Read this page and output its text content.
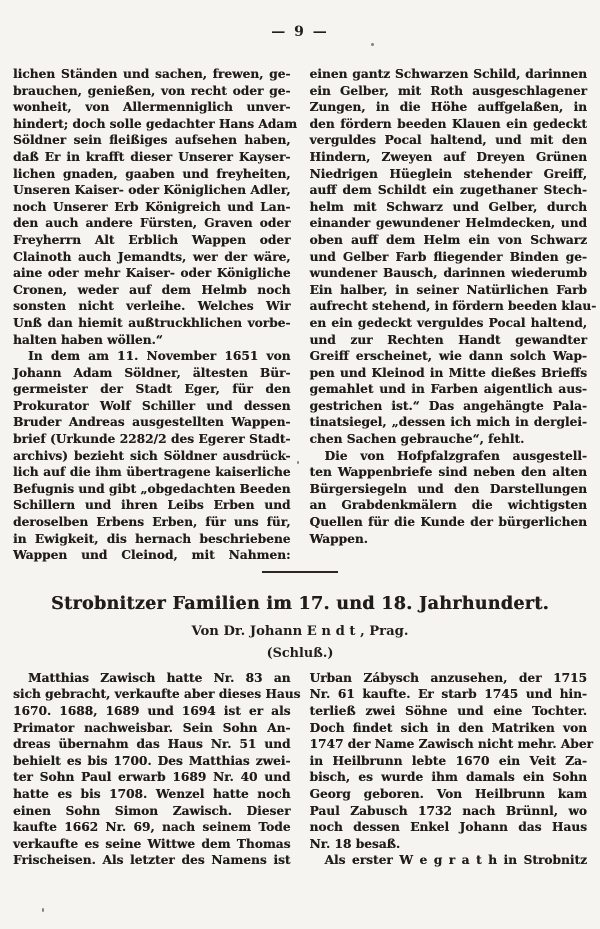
— 9 —
lichen Ständen und sachen, frewen, ge-
brauchen, genießen, von recht oder ge-
wonheit, von Allermenniglich unver-
hindert; doch solle gedachter Hans Adam
Söldner sein fleißiges aufsehen haben,
daß Er in krafft dieser Unserer Kayser-
lichen gnaden, gaaben und freyheiten,
Unseren Kaiser- oder Königlichen Adler,
noch Unserer Erb Königreich und Lan-
den auch andere Fürsten, Graven oder
Freyherrn Alt Erblich Wappen oder
Clainoth auch Jemandts, wer der wäre,
aine oder mehr Kaiser- oder Königliche
Cronen, weder auf dem Helmb noch
sonsten nicht verleihe. Welches Wir
Unß dan hiemit außtruckhlichen vorbe-
halten haben wöllen.“
In dem am 11. November 1651 von
Johann Adam Söldner, ältesten Bür-
germeister der Stadt Eger, für den
Prokurator Wolf Schiller und dessen
Bruder Andreas ausgestellten Wappen-
brief (Urkunde 2282/2 des Egerer Stadt-
archivs) bezieht sich Söldner ausdrück-
lich auf die ihm übertragene kaiserliche
Befugnis und gibt „obgedachten Beeden
Schillern und ihren Leibs Erben und
deroselben Erbens Erben, für uns für,
in Ewigkeit, dis hernach beschriebene
Wappen und Cleinod, mit Nahmen:
einen gantz Schwarzen Schild, darinnen
ein Gelber, mit Roth ausgeschlagener
Zungen, in die Höhe auffgelaßen, in
den fördern beeden Klauen ein gedeckt
verguldes Pocal haltend, und mit den
Hindern, Zweyen auf Dreyen Grünen
Niedrigen Hüeglein stehender Greiff,
auff dem Schildt ein zugethaner Stech-
helm mit Schwarz und Gelber, durch
einander gewundener Helmdecken, und
oben auff dem Helm ein von Schwarz
und Gelber Farb fliegender Binden ge-
wundener Bausch, darinnen wiederumb
Ein halber, in seiner Natürlichen Farb
aufrecht stehend, in fördern beeden klau-
en ein gedeckt verguldes Pocal haltend,
und zur Rechten Handt gewandter
Greiff erscheinet, wie dann solch Wap-
pen und Kleinod in Mitte dießes Brieffs
gemahlet und in Farben aigentlich aus-
gestrichen ist.“ Das angehängte Pala-
tinatsiegel, „dessen ich mich in derglei-
chen Sachen gebrauche“, fehlt.
Die von Hofpfalzgrafen ausgestell-
ten Wappenbriefe sind neben den alten
Bürgersiegeln und den Darstellungen
an Grabdenkmälern die wichtigsten
Quellen für die Kunde der bürgerlichen
Wappen.
Strobnitzer Familien im 17. und 18. Jahrhundert.
Von Dr. Johann E n d t , Prag.
(Schluß.)
Matthias Zawisch hatte Nr. 83 an
sich gebracht, verkaufte aber dieses Haus
1670. 1688, 1689 und 1694 ist er als
Primator nachweisbar. Sein Sohn An-
dreas übernahm das Haus Nr. 51 und
behielt es bis 1700. Des Matthias zwei-
ter Sohn Paul erwarb 1689 Nr. 40 und
hatte es bis 1708. Wenzel hatte noch
einen Sohn Simon Zawisch. Dieser
kaufte 1662 Nr. 69, nach seinem Tode
verkaufte es seine Wittwe dem Thomas
Frischeisen. Als letzter des Namens ist
Urban Zábysch anzusehen, der 1715
Nr. 61 kaufte. Er starb 1745 und hin-
terließ zwei Söhne und eine Tochter.
Doch findet sich in den Matriken von
1747 der Name Zawisch nicht mehr. Aber
in Heilbrunn lebte 1670 ein Veit Za-
bisch, es wurde ihm damals ein Sohn
Georg geboren. Von Heilbrunn kam
Paul Zabusch 1732 nach Brünnl, wo
noch dessen Enkel Johann das Haus
Nr. 18 besaß.
Als erster W e g r a t h in Strobnitz
